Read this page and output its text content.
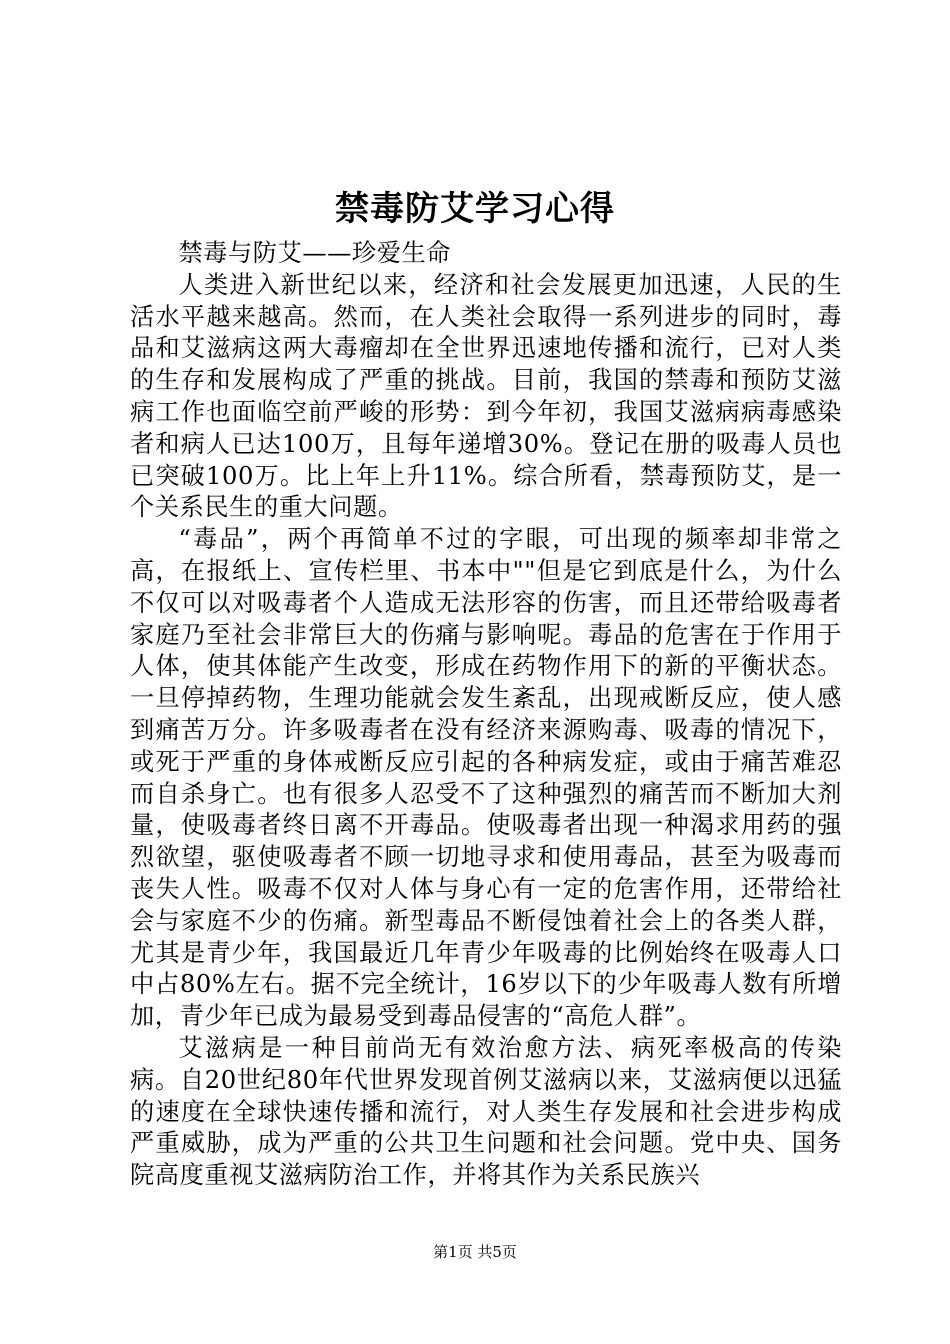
禁毒防艾学习心得

禁毒与防艾——珍爱生命

人类进入新世纪以来，经济和社会发展更加迅速，人民的生活水平越来越高。然而，在人类社会取得一系列进步的同时，毒品和艾滋病这两大毒瘤却在全世界迅速地传播和流行，已对人类的生存和发展构成了严重的挑战。目前，我国的禁毒和预防艾滋病工作也面临空前严峻的形势：到今年初，我国艾滋病病毒感染者和病人已达100万，且每年递增30%。登记在册的吸毒人员也已突破100万。比上年上升11%。综合所看，禁毒预防艾，是一个关系民生的重大问题。

“毒品”，两个再简单不过的字眼，可出现的频率却非常之高，在报纸上、宣传栏里、书本中""但是它到底是什么，为什么不仅可以对吸毒者个人造成无法形容的伤害，而且还带给吸毒者家庭乃至社会非常巨大的伤痛与影响呢。毒品的危害在于作用于人体，使其体能产生改变，形成在药物作用下的新的平衡状态。一旦停掉药物，生理功能就会发生紊乱，出现戒断反应，使人感到痛苦万分。许多吸毒者在没有经济来源购毒、吸毒的情况下，或死于严重的身体戒断反应引起的各种病发症，或由于痛苦难忍而自杀身亡。也有很多人忍受不了这种强烈的痛苦而不断加大剂量，使吸毒者终日离不开毒品。使吸毒者出现一种渴求用药的强烈欲望，驱使吸毒者不顾一切地寻求和使用毒品，甚至为吸毒而丧失人性。吸毒不仅对人体与身心有一定的危害作用，还带给社会与家庭不少的伤痛。新型毒品不断侵蚀着社会上的各类人群，尤其是青少年，我国最近几年青少年吸毒的比例始终在吸毒人口中占80%左右。据不完全统计，16岁以下的少年吸毒人数有所增加，青少年已成为最易受到毒品侵害的“高危人群”。

艾滋病是一种目前尚无有效治愈方法、病死率极高的传染病。自20世纪80年代世界发现首例艾滋病以来，艾滋病便以迅猛的速度在全球快速传播和流行，对人类生存发展和社会进步构成严重威胁，成为严重的公共卫生问题和社会问题。党中央、国务院高度重视艾滋病防治工作，并将其作为关系民族兴

第1页 共5页
